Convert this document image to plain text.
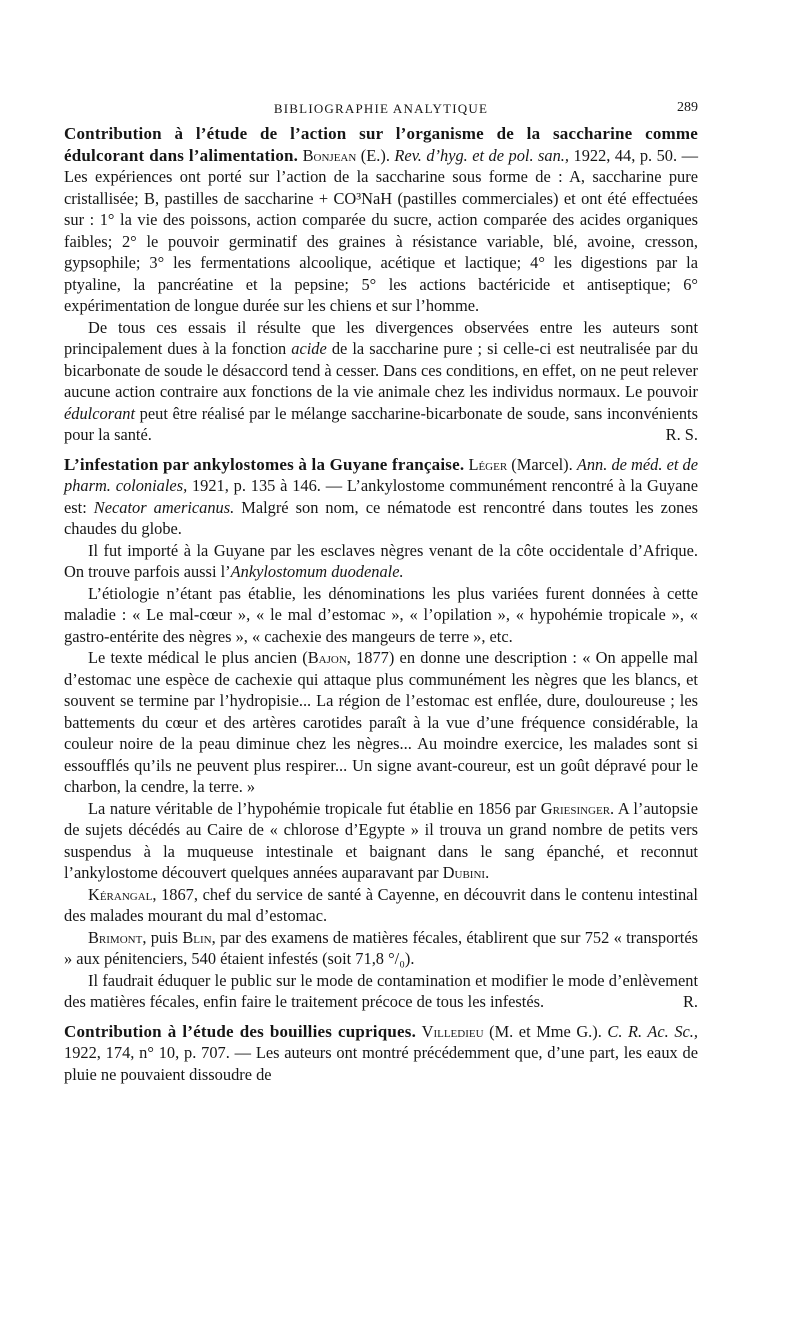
BIBLIOGRAPHIE ANALYTIQUE	289

Contribution à l’étude de l’action sur l’organisme de la saccharine comme édulcorant dans l’alimentation. Bonjean (E.). Rev. d’hyg. et de pol. san., 1922, 44, p. 50. — Les expériences ont porté sur l’action de la saccharine sous forme de : A, saccharine pure cristallisée; B, pastilles de saccharine + CO³NaH (pastilles commerciales) et ont été effectuées sur : 1° la vie des poissons, action comparée du sucre, action comparée des acides organiques faibles; 2° le pouvoir germinatif des graines à résistance variable, blé, avoine, cresson, gypsophile; 3° les fermentations alcoolique, acétique et lactique; 4° les digestions par la ptyaline, la pancréatine et la pepsine; 5° les actions bactéricide et antiseptique; 6° expérimentation de longue durée sur les chiens et sur l’homme.

De tous ces essais il résulte que les divergences observées entre les auteurs sont principalement dues à la fonction acide de la saccharine pure ; si celle-ci est neutralisée par du bicarbonate de soude le désaccord tend à cesser. Dans ces conditions, en effet, on ne peut relever aucune action contraire aux fonctions de la vie animale chez les individus normaux. Le pouvoir édulcorant peut être réalisé par le mélange saccharine-bicarbonate de soude, sans inconvénients pour la santé.	R. S.

L’infestation par ankylostomes à la Guyane française. Léger (Marcel). Ann. de méd. et de pharm. coloniales, 1921, p. 135 à 146. — L’ankylostome communément rencontré à la Guyane est: Necator americanus. Malgré son nom, ce nématode est rencontré dans toutes les zones chaudes du globe.

Il fut importé à la Guyane par les esclaves nègres venant de la côte occidentale d’Afrique. On trouve parfois aussi l’Ankylostomum duodenale.

L’étiologie n’étant pas établie, les dénominations les plus variées furent données à cette maladie : « Le mal-cœur », « le mal d’estomac », « l’opilation », « hypohémie tropicale », « gastro-entérite des nègres », « cachexie des mangeurs de terre », etc.

Le texte médical le plus ancien (Bajon, 1877) en donne une description : « On appelle mal d’estomac une espèce de cachexie qui attaque plus communément les nègres que les blancs, et souvent se termine par l’hydropisie... La région de l’estomac est enflée, dure, douloureuse ; les battements du cœur et des artères carotides paraît à la vue d’une fréquence considérable, la couleur noire de la peau diminue chez les nègres... Au moindre exercice, les malades sont si essoufflés qu’ils ne peuvent plus respirer... Un signe avant-coureur, est un goût dépravé pour le charbon, la cendre, la terre. »

La nature véritable de l’hypohémie tropicale fut établie en 1856 par Griesinger. A l’autopsie de sujets décédés au Caire de « chlorose d’Egypte » il trouva un grand nombre de petits vers suspendus à la muqueuse intestinale et baignant dans le sang épanché, et reconnut l’ankylostome découvert quelques années auparavant par Dubini.

Kérangal, 1867, chef du service de santé à Cayenne, en découvrit dans le contenu intestinal des malades mourant du mal d’estomac.

Brimont, puis Blin, par des examens de matières fécales, établirent que sur 752 « transportés » aux pénitenciers, 540 étaient infestés (soit 71,8 °/₀).

Il faudrait éduquer le public sur le mode de contamination et modifier le mode d’enlèvement des matières fécales, enfin faire le traitement précoce de tous les infestés.	R.

Contribution à l’étude des bouillies cupriques. Villedieu (M. et Mme G.). C. R. Ac. Sc., 1922, 174, n° 10, p. 707. — Les auteurs ont montré précédemment que, d’une part, les eaux de pluie ne pouvaient dissoudre de
